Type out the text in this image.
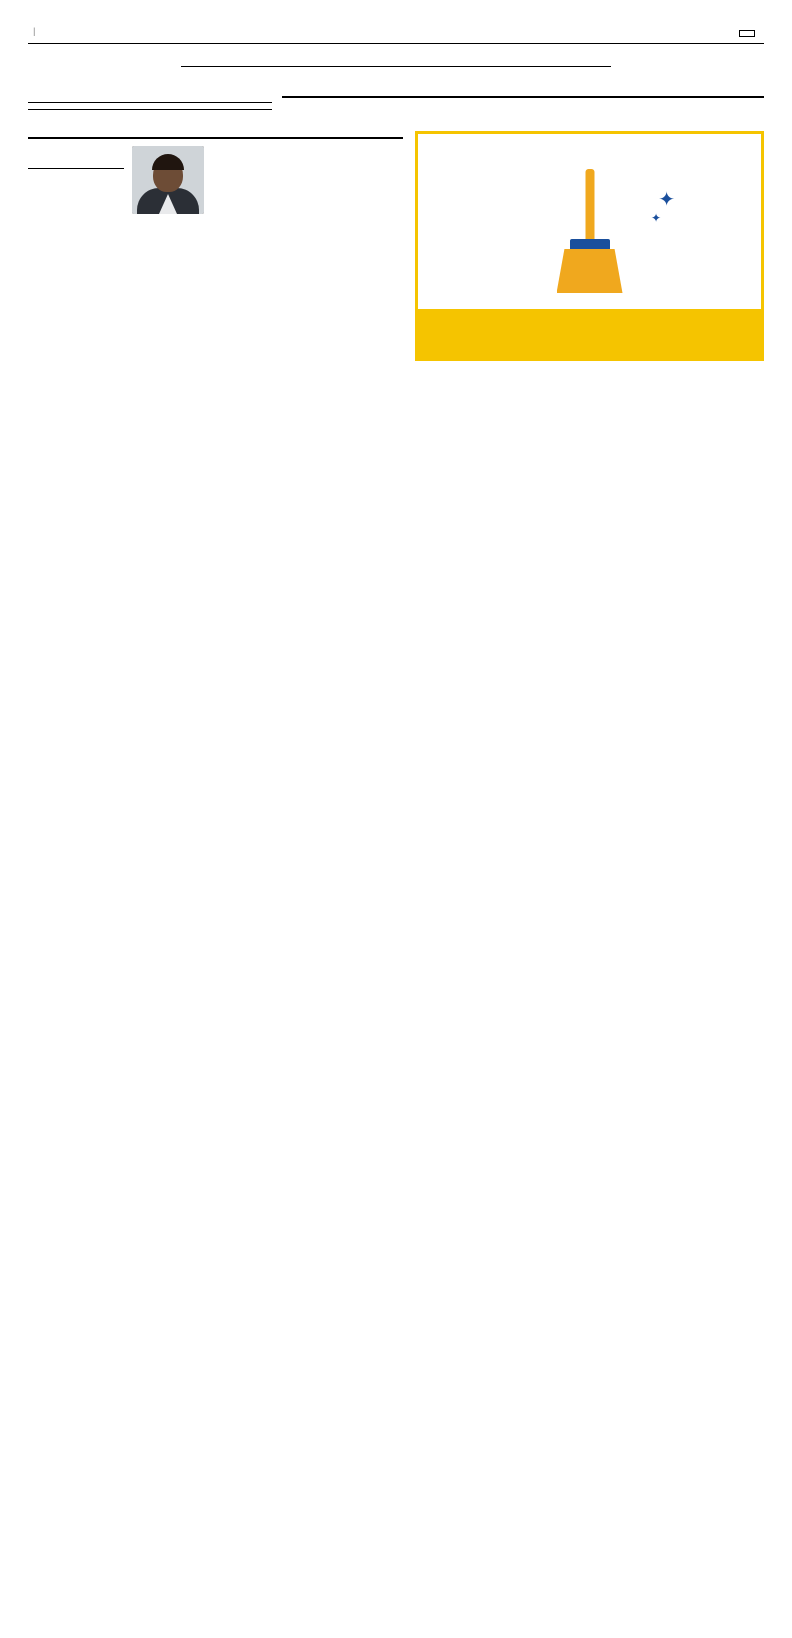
|
✦
✦
